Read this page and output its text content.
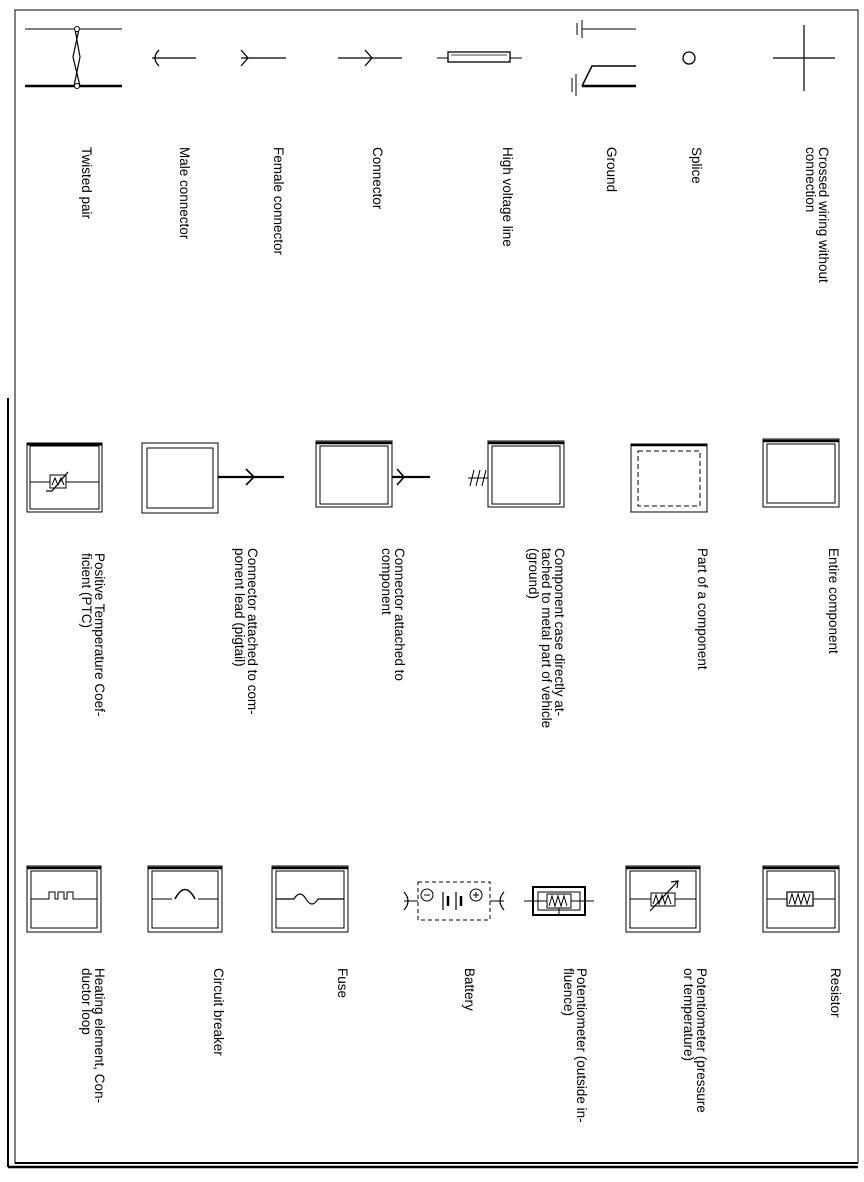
Twisted pair	Male connector	Female connector	Connector	High voltage line	Ground	Splice	Crossed wiring without connection
Positive Temperature Coef- ficient (PTC)	Connector attached to com- ponent lead (pigtail)	Connector attached to component	Component case directly at- tached to metal part of vehicle (ground)	Part of a component	Entire component
Heating element, Con- ductor loop	Circuit breaker	Fuse	Battery	Potentiometer (outside in- fluence)	Potentiometer (pressure or temperature)	Resistor
